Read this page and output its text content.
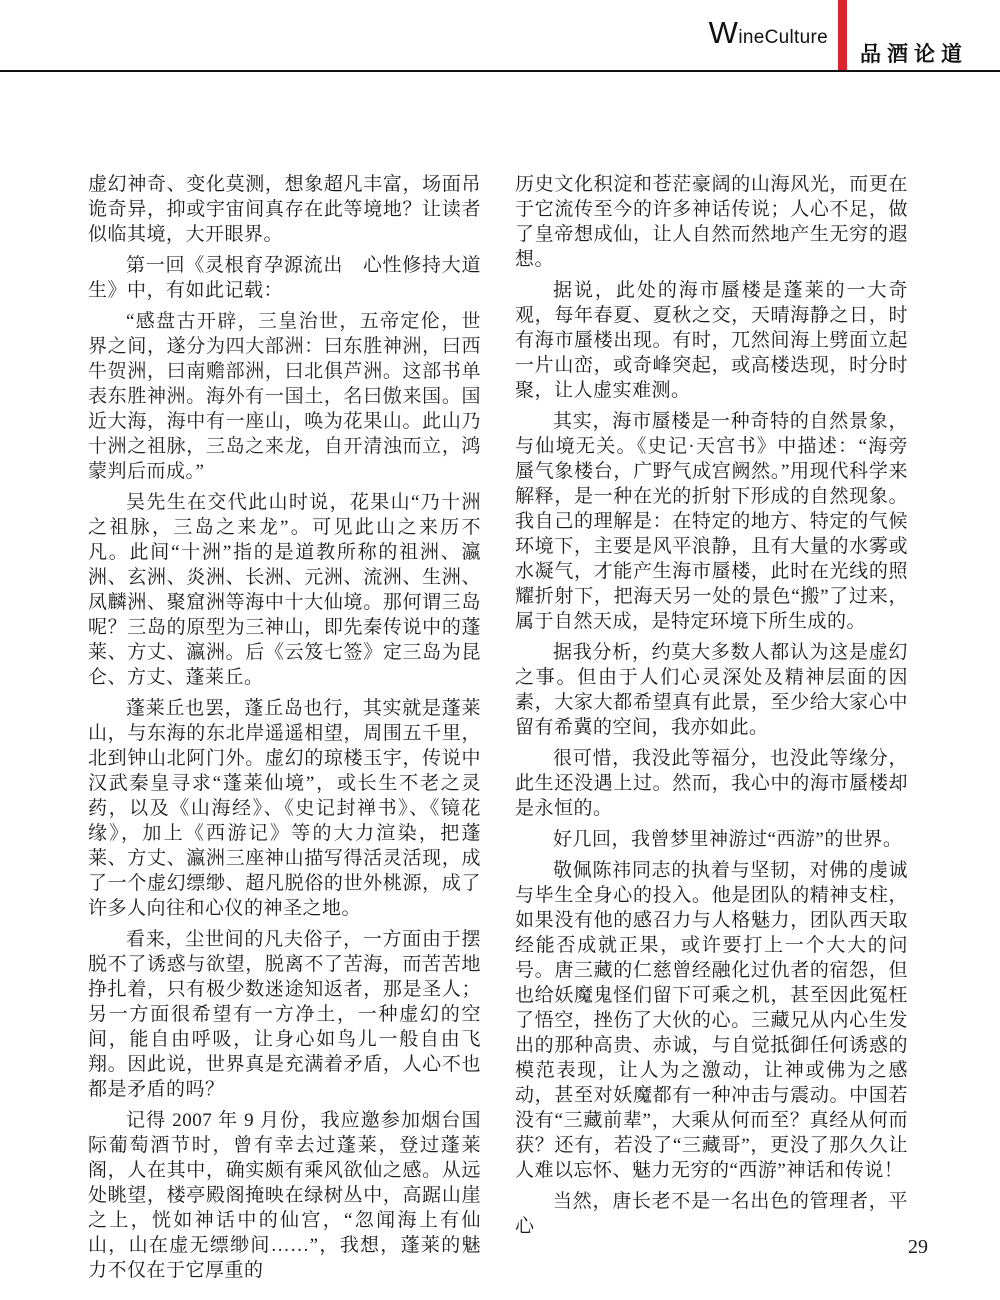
W ineCulture
品酒论道

虚幻神奇、变化莫测，想象超凡丰富，场面吊诡奇异，抑或宇宙间真存在此等境地？让读者似临其境，大开眼界。

第一回《灵根育孕源流出　心性修持大道生》中，有如此记载：

“感盘古开辟，三皇治世，五帝定伦，世界之间，遂分为四大部洲：曰东胜神洲，曰西牛贺洲，曰南赡部洲，曰北俱芦洲。这部书单表东胜神洲。海外有一国土，名曰傲来国。国近大海，海中有一座山，唤为花果山。此山乃十洲之祖脉，三岛之来龙，自开清浊而立，鸿蒙判后而成。”

吴先生在交代此山时说，花果山“乃十洲之祖脉，三岛之来龙”。可见此山之来历不凡。此间“十洲”指的是道教所称的祖洲、瀛洲、玄洲、炎洲、长洲、元洲、流洲、生洲、凤麟洲、聚窟洲等海中十大仙境。那何谓三岛呢？三岛的原型为三神山，即先秦传说中的蓬莱、方丈、瀛洲。后《云笈七签》定三岛为昆仑、方丈、蓬莱丘。

蓬莱丘也罢，蓬丘岛也行，其实就是蓬莱山，与东海的东北岸遥遥相望，周围五千里，北到钟山北阿门外。虚幻的琼楼玉宇，传说中汉武秦皇寻求“蓬莱仙境”，或长生不老之灵药，以及《山海经》、《史记封禅书》、《镜花缘》，加上《西游记》等的大力渲染，把蓬莱、方丈、瀛洲三座神山描写得活灵活现，成了一个虚幻缥缈、超凡脱俗的世外桃源，成了许多人向往和心仪的神圣之地。

看来，尘世间的凡夫俗子，一方面由于摆脱不了诱惑与欲望，脱离不了苦海，而苦苦地挣扎着，只有极少数迷途知返者，那是圣人；另一方面很希望有一方净土，一种虚幻的空间，能自由呼吸，让身心如鸟儿一般自由飞翔。因此说，世界真是充满着矛盾，人心不也都是矛盾的吗？

记得 2007 年 9 月份，我应邀参加烟台国际葡萄酒节时，曾有幸去过蓬莱，登过蓬莱阁，人在其中，确实颇有乘风欲仙之感。从远处眺望，楼亭殿阁掩映在绿树丛中，高踞山崖之上，恍如神话中的仙宫，“忽闻海上有仙山，山在虚无缥缈间……”，我想，蓬莱的魅力不仅在于它厚重的

历史文化积淀和苍茫豪阔的山海风光，而更在于它流传至今的许多神话传说；人心不足，做了皇帝想成仙，让人自然而然地产生无穷的遐想。

据说，此处的海市蜃楼是蓬莱的一大奇观，每年春夏、夏秋之交，天晴海静之日，时有海市蜃楼出现。有时，兀然间海上劈面立起一片山峦，或奇峰突起，或高楼迭现，时分时聚，让人虚实难测。

其实，海市蜃楼是一种奇特的自然景象，与仙境无关。《史记·天宫书》中描述：“海旁蜃气象楼台，广野气成宫阙然。”用现代科学来解释，是一种在光的折射下形成的自然现象。我自己的理解是：在特定的地方、特定的气候环境下，主要是风平浪静，且有大量的水雾或水凝气，才能产生海市蜃楼，此时在光线的照耀折射下，把海天另一处的景色“搬”了过来，属于自然天成，是特定环境下所生成的。

据我分析，约莫大多数人都认为这是虚幻之事。但由于人们心灵深处及精神层面的因素，大家大都希望真有此景，至少给大家心中留有希冀的空间，我亦如此。

很可惜，我没此等福分，也没此等缘分，此生还没遇上过。然而，我心中的海市蜃楼却是永恒的。

好几回，我曾梦里神游过“西游”的世界。

敬佩陈祎同志的执着与坚韧，对佛的虔诚与毕生全身心的投入。他是团队的精神支柱，如果没有他的感召力与人格魅力，团队西天取经能否成就正果，或许要打上一个大大的问号。唐三藏的仁慈曾经融化过仇者的宿怨，但也给妖魔鬼怪们留下可乘之机，甚至因此冤枉了悟空，挫伤了大伙的心。三藏兄从内心生发出的那种高贵、赤诚，与自觉抵御任何诱惑的模范表现，让人为之激动，让神或佛为之感动，甚至对妖魔都有一种冲击与震动。中国若没有“三藏前辈”，大乘从何而至？真经从何而获？还有，若没了“三藏哥”，更没了那久久让人难以忘怀、魅力无穷的“西游”神话和传说！

当然，唐长老不是一名出色的管理者，平心

29
